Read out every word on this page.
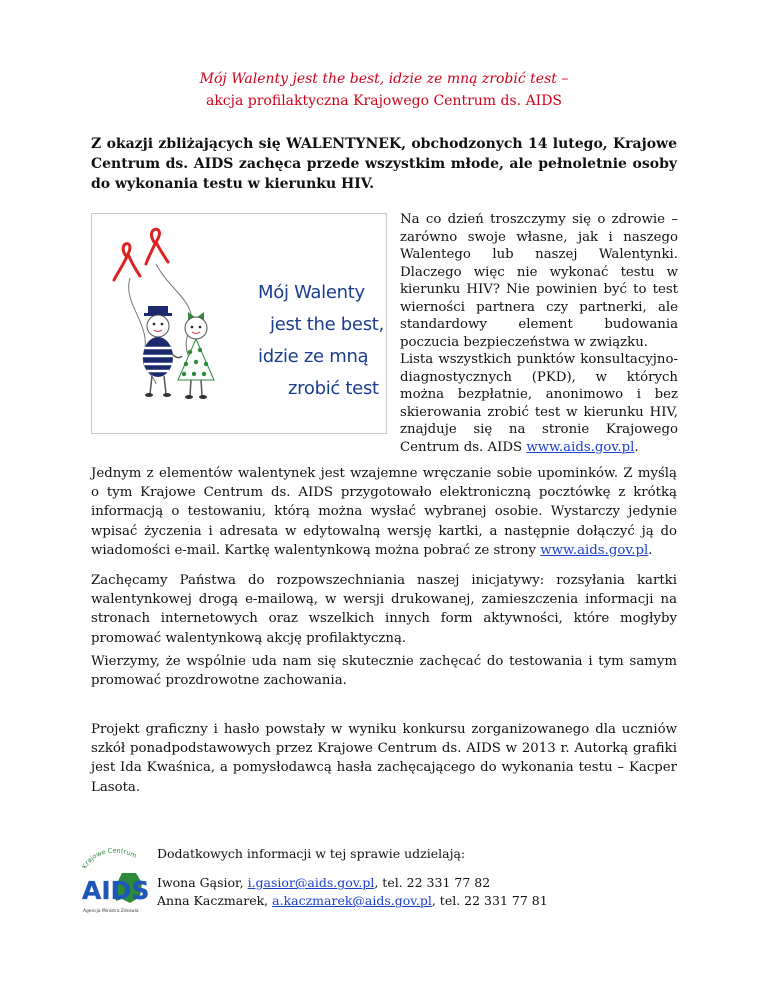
Mój Walenty jest the best, idzie ze mną zrobić test –
akcja profilaktyczna Krajowego Centrum ds. AIDS
Z okazji zbliżających się WALENTYNEK, obchodzonych 14 lutego, Krajowe Centrum ds. AIDS zachęca przede wszystkim młode, ale pełnoletnie osoby do wykonania testu w kierunku HIV.
Mój Walenty
jest the best,
idzie ze mną
zrobić test
Na co dzień troszczymy się o zdrowie – zarówno swoje własne, jak i naszego Walentego lub naszej Walentynki. Dlaczego więc nie wykonać testu w kierunku HIV? Nie powinien być to test wierności partnera czy partnerki, ale standardowy element budowania poczucia bezpieczeństwa w związku.
Lista wszystkich punktów konsultacyjno-diagnostycznych (PKD), w których można bezpłatnie, anonimowo i bez skierowania zrobić test w kierunku HIV, znajduje się na stronie Krajowego Centrum ds. AIDS www.aids.gov.pl.
Jednym z elementów walentynek jest wzajemne wręczanie sobie upominków. Z myślą o tym Krajowe Centrum ds. AIDS przygotowało elektroniczną pocztówkę z krótką informacją o testowaniu, którą można wysłać wybranej osobie. Wystarczy jedynie wpisać życzenia i adresata w edytowalną wersję kartki, a następnie dołączyć ją do wiadomości e-mail. Kartkę walentynkową można pobrać ze strony www.aids.gov.pl.
Zachęcamy Państwa do rozpowszechniania naszej inicjatywy: rozsyłania kartki walentynkowej drogą e-mailową, w wersji drukowanej, zamieszczenia informacji na stronach internetowych oraz wszelkich innych form aktywności, które mogłyby promować walentynkową akcję profilaktyczną.
Wierzymy, że wspólnie uda nam się skutecznie zachęcać do testowania i tym samym promować prozdrowotne zachowania.
Projekt graficzny i hasło powstały w wyniku konkursu zorganizowanego dla uczniów szkół ponadpodstawowych przez Krajowe Centrum ds. AIDS w 2013 r. Autorką grafiki jest Ida Kwaśnica, a pomysłodawcą hasła zachęcającego do wykonania testu – Kacper Lasota.
Krajowe Centrum
AIDS
Agencja Ministra Zdrowia
Dodatkowych informacji w tej sprawie udzielają:
Iwona Gąsior, i.gasior@aids.gov.pl, tel. 22 331 77 82
Anna Kaczmarek, a.kaczmarek@aids.gov.pl, tel. 22 331 77 81
